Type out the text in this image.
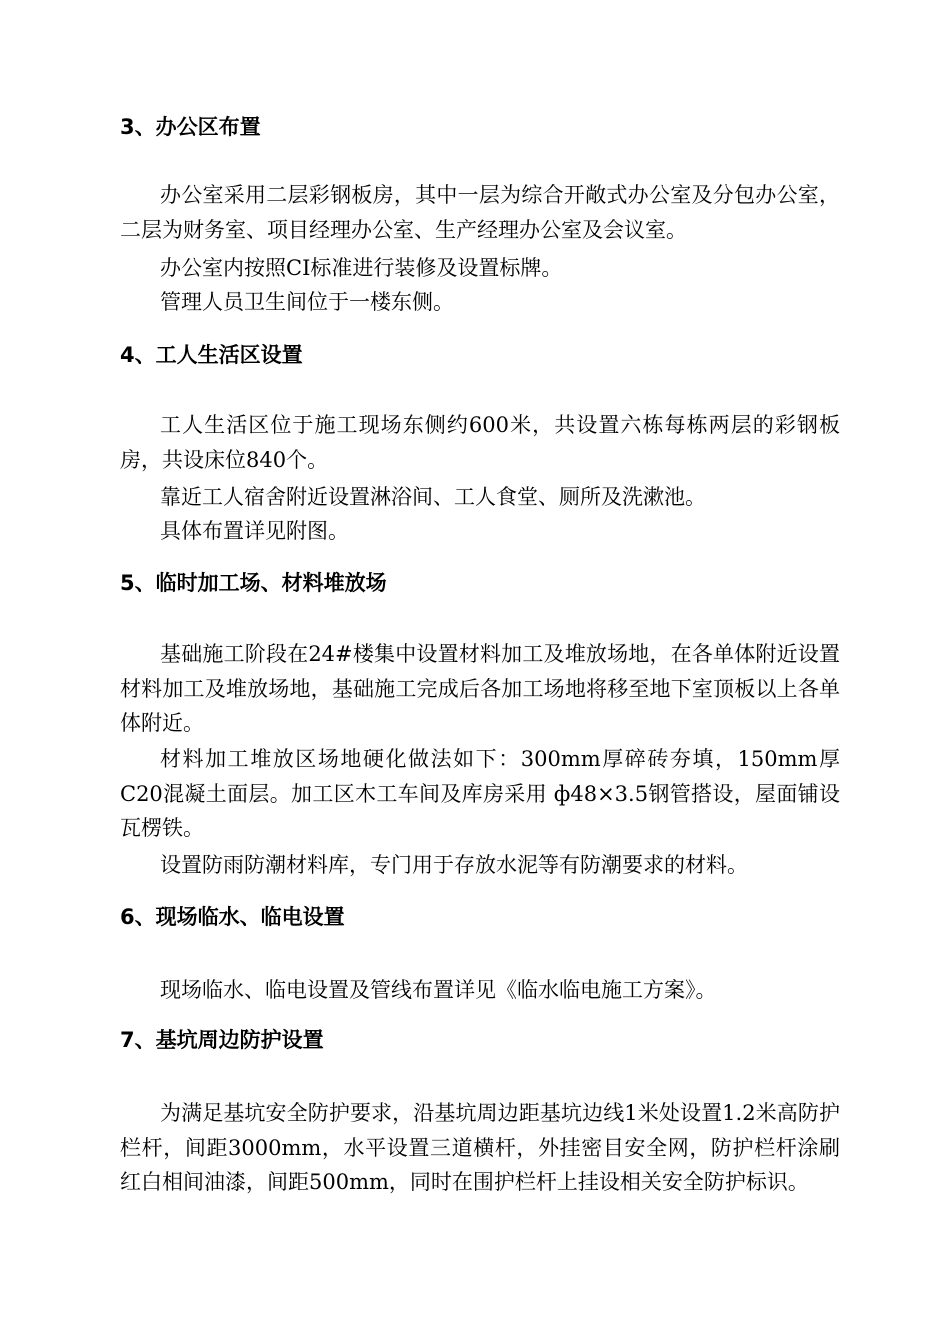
3、办公区布置
办公室采用二层彩钢板房，其中一层为综合开敞式办公室及分包办公室，二层为财务室、项目经理办公室、生产经理办公室及会议室。
办公室内按照CI标准进行装修及设置标牌。
管理人员卫生间位于一楼东侧。
4、工人生活区设置
工人生活区位于施工现场东侧约600米，共设置六栋每栋两层的彩钢板房，共设床位840个。
靠近工人宿舍附近设置淋浴间、工人食堂、厕所及洗漱池。
具体布置详见附图。
5、临时加工场、材料堆放场
基础施工阶段在24#楼集中设置材料加工及堆放场地，在各单体附近设置材料加工及堆放场地，基础施工完成后各加工场地将移至地下室顶板以上各单体附近。
材料加工堆放区场地硬化做法如下：300mm厚碎砖夯填，150mm厚C20混凝土面层。加工区木工车间及库房采用 ф48×3.5钢管搭设，屋面铺设瓦楞铁。
设置防雨防潮材料库，专门用于存放水泥等有防潮要求的材料。
6、现场临水、临电设置
现场临水、临电设置及管线布置详见《临水临电施工方案》。
7、基坑周边防护设置
为满足基坑安全防护要求，沿基坑周边距基坑边线1米处设置1.2米高防护栏杆，间距3000mm，水平设置三道横杆，外挂密目安全网，防护栏杆涂刷红白相间油漆，间距500mm，同时在围护栏杆上挂设相关安全防护标识。
